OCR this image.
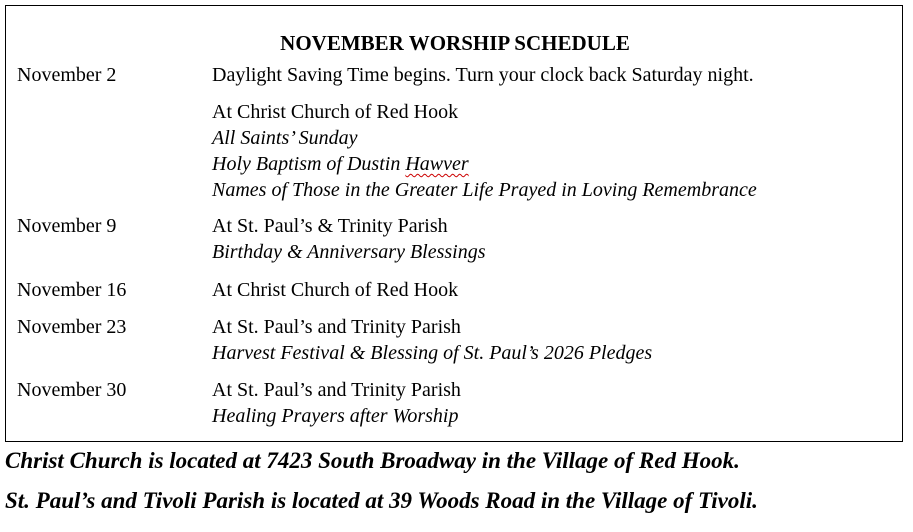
NOVEMBER WORSHIP SCHEDULE
November 2	Daylight Saving Time begins. Turn your clock back Saturday night.
At Christ Church of Red Hook
All Saints’ Sunday
Holy Baptism of Dustin Hawver
Names of Those in the Greater Life Prayed in Loving Remembrance
November 9	At St. Paul’s & Trinity Parish
Birthday & Anniversary Blessings
November 16	At Christ Church of Red Hook
November 23	At St. Paul’s and Trinity Parish
Harvest Festival & Blessing of St. Paul’s 2026 Pledges
November 30	At St. Paul’s and Trinity Parish
Healing Prayers after Worship
Christ Church is located at 7423 South Broadway in the Village of Red Hook.
St. Paul’s and Tivoli Parish is located at 39 Woods Road in the Village of Tivoli.
